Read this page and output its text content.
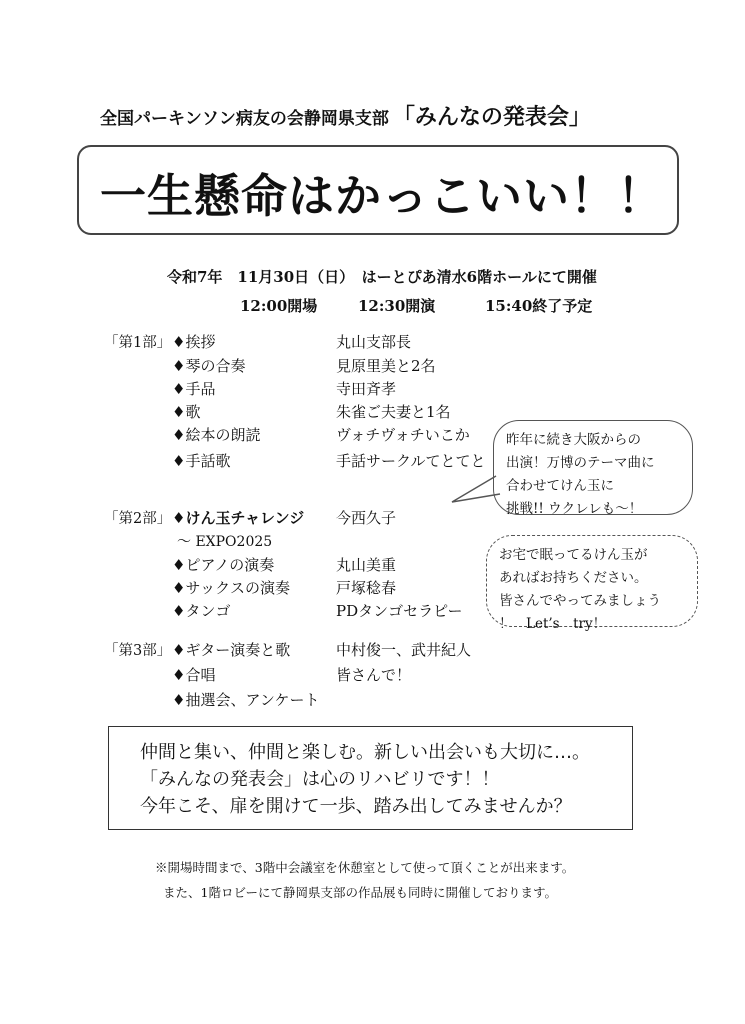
全国パーキンソン病友の会静岡県支部 「みんなの発表会」
一生懸命はかっこいい！！
令和7年　11月30日（日）　はーとぴあ清水6階ホールにて開催
12:00開場	12:30開演	15:40終了予定
「第1部」 ♦挨拶	丸山支部長
♦琴の合奏	見原里美と2名
♦手品	寺田斉孝
♦歌	朱雀ご夫妻と1名
♦絵本の朗読	ヴォチヴォチいこか
♦手話歌	手話サークルてとてと
「第2部」 ♦けん玉チャレンジ 今西久子
～ EXPO2025
♦ピアノの演奏	丸山美重
♦サックスの演奏	戸塚稔春
♦タンゴ	PDタンゴセラピー
「第3部」 ♦ギター演奏と歌	中村俊一、武井紀人
♦合唱	皆さんで！
♦抽選会、アンケート
昨年に続き大阪からの
出演！万博のテーマ曲に
合わせてけん玉に
挑戦!! ウクレレも～！
お宅で眠ってるけん玉が
あればお持ちください。
皆さんでやってみましょう
！　Let’s　try！
仲間と集い、仲間と楽しむ。新しい出会いも大切に…。
「みんなの発表会」は心のリハビリです！！
今年こそ、扉を開けて一歩、踏み出してみませんか？
※開場時間まで、3階中会議室を休憩室として使って頂くことが出来ます。
また、1階ロビーにて静岡県支部の作品展も同時に開催しております。
